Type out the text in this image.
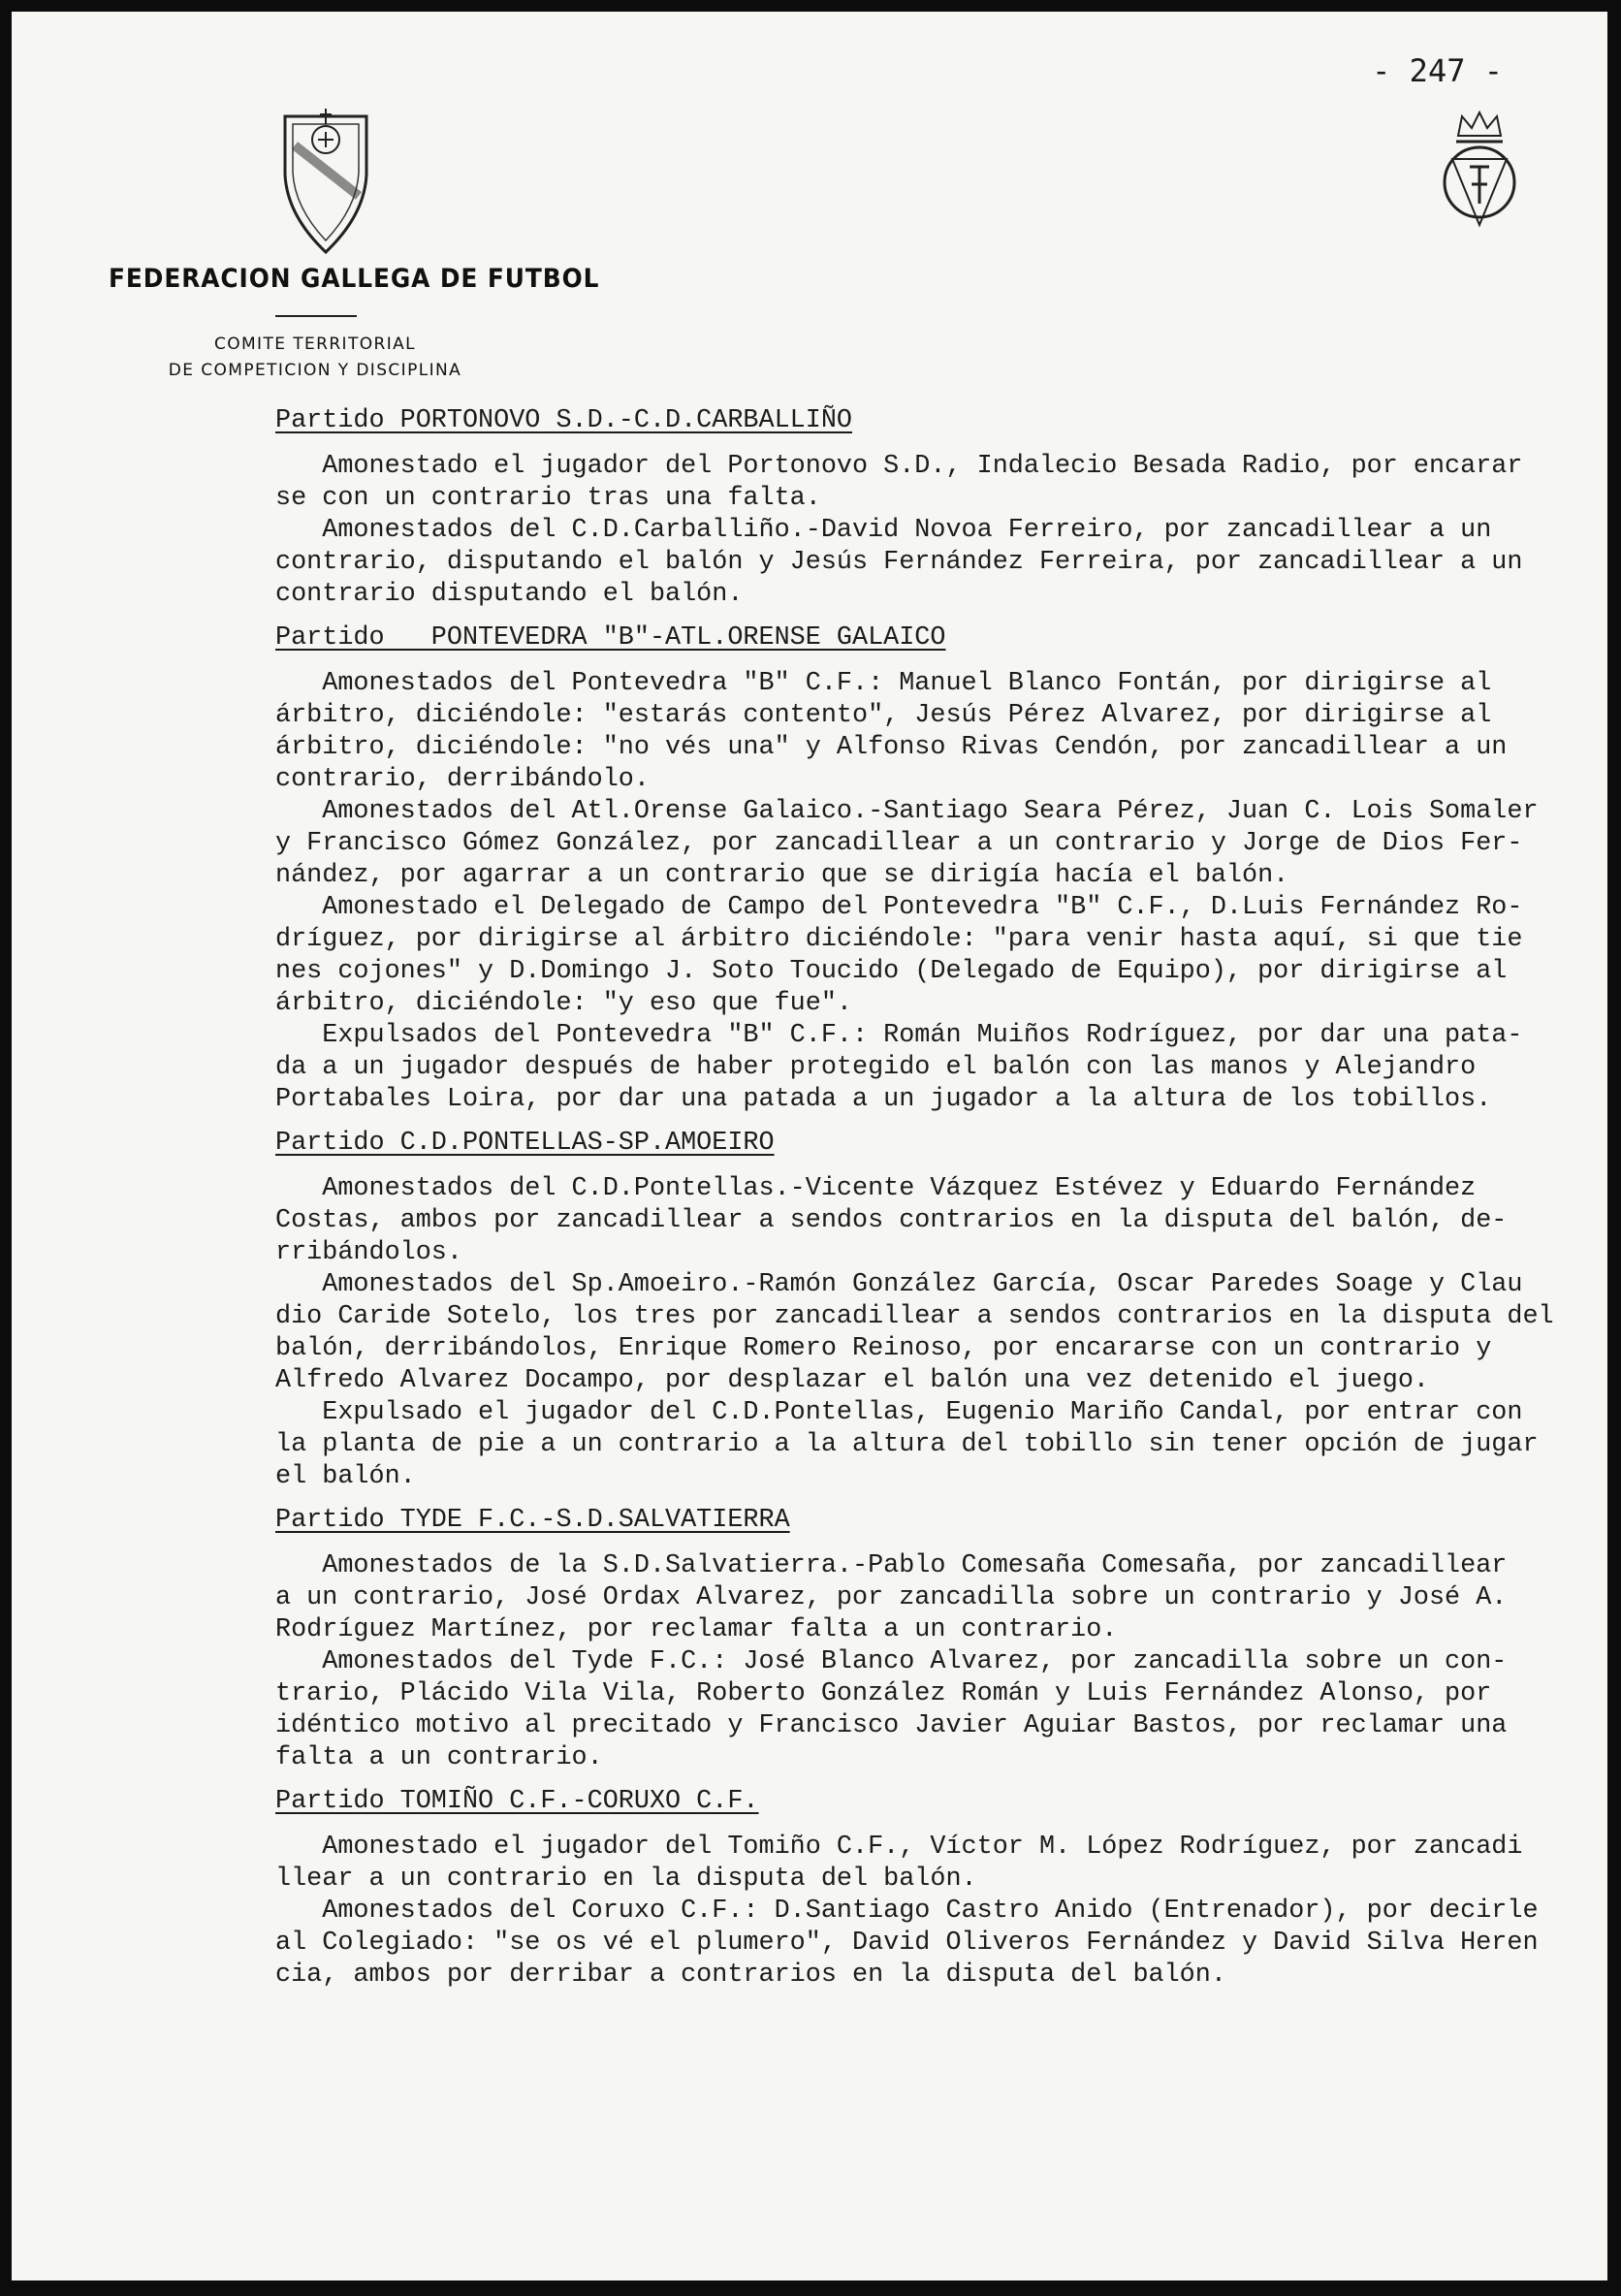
- 247 -
FEDERACION GALLEGA DE FUTBOL
COMITE TERRITORIAL
DE COMPETICION Y DISCIPLINA
Partido PORTONOVO S.D.-C.D.CARBALLIÑO
Amonestado el jugador del Portonovo S.D., Indalecio Besada Radio, por encarar
se con un contrario tras una falta.
Amonestados del C.D.Carballiño.-David Novoa Ferreiro, por zancadillear a un
contrario, disputando el balón y Jesús Fernández Ferreira, por zancadillear a un
contrario disputando el balón.
Partido   PONTEVEDRA "B"-ATL.ORENSE GALAICO
Amonestados del Pontevedra "B" C.F.: Manuel Blanco Fontán, por dirigirse al
árbitro, diciéndole: "estarás contento", Jesús Pérez Alvarez, por dirigirse al
árbitro, diciéndole: "no vés una" y Alfonso Rivas Cendón, por zancadillear a un
contrario, derribándolo.
Amonestados del Atl.Orense Galaico.-Santiago Seara Pérez, Juan C. Lois Somaler
y Francisco Gómez González, por zancadillear a un contrario y Jorge de Dios Fer-
nández, por agarrar a un contrario que se dirigía hacía el balón.
Amonestado el Delegado de Campo del Pontevedra "B" C.F., D.Luis Fernández Ro-
dríguez, por dirigirse al árbitro diciéndole: "para venir hasta aquí, si que tie
nes cojones" y D.Domingo J. Soto Toucido (Delegado de Equipo), por dirigirse al
árbitro, diciéndole: "y eso que fue".
Expulsados del Pontevedra "B" C.F.: Román Muiños Rodríguez, por dar una pata-
da a un jugador después de haber protegido el balón con las manos y Alejandro
Portabales Loira, por dar una patada a un jugador a la altura de los tobillos.
Partido C.D.PONTELLAS-SP.AMOEIRO
Amonestados del C.D.Pontellas.-Vicente Vázquez Estévez y Eduardo Fernández
Costas, ambos por zancadillear a sendos contrarios en la disputa del balón, de-
rribándolos.
Amonestados del Sp.Amoeiro.-Ramón González García, Oscar Paredes Soage y Clau
dio Caride Sotelo, los tres por zancadillear a sendos contrarios en la disputa del
balón, derribándolos, Enrique Romero Reinoso, por encararse con un contrario y
Alfredo Alvarez Docampo, por desplazar el balón una vez detenido el juego.
Expulsado el jugador del C.D.Pontellas, Eugenio Mariño Candal, por entrar con
la planta de pie a un contrario a la altura del tobillo sin tener opción de jugar
el balón.
Partido TYDE F.C.-S.D.SALVATIERRA
Amonestados de la S.D.Salvatierra.-Pablo Comesaña Comesaña, por zancadillear
a un contrario, José Ordax Alvarez, por zancadilla sobre un contrario y José A.
Rodríguez Martínez, por reclamar falta a un contrario.
Amonestados del Tyde F.C.: José Blanco Alvarez, por zancadilla sobre un con-
trario, Plácido Vila Vila, Roberto González Román y Luis Fernández Alonso, por
idéntico motivo al precitado y Francisco Javier Aguiar Bastos, por reclamar una
falta a un contrario.
Partido TOMIÑO C.F.-CORUXO C.F.
Amonestado el jugador del Tomiño C.F., Víctor M. López Rodríguez, por zancadi
llear a un contrario en la disputa del balón.
Amonestados del Coruxo C.F.: D.Santiago Castro Anido (Entrenador), por decirle
al Colegiado: "se os vé el plumero", David Oliveros Fernández y David Silva Heren
cia, ambos por derribar a contrarios en la disputa del balón.
